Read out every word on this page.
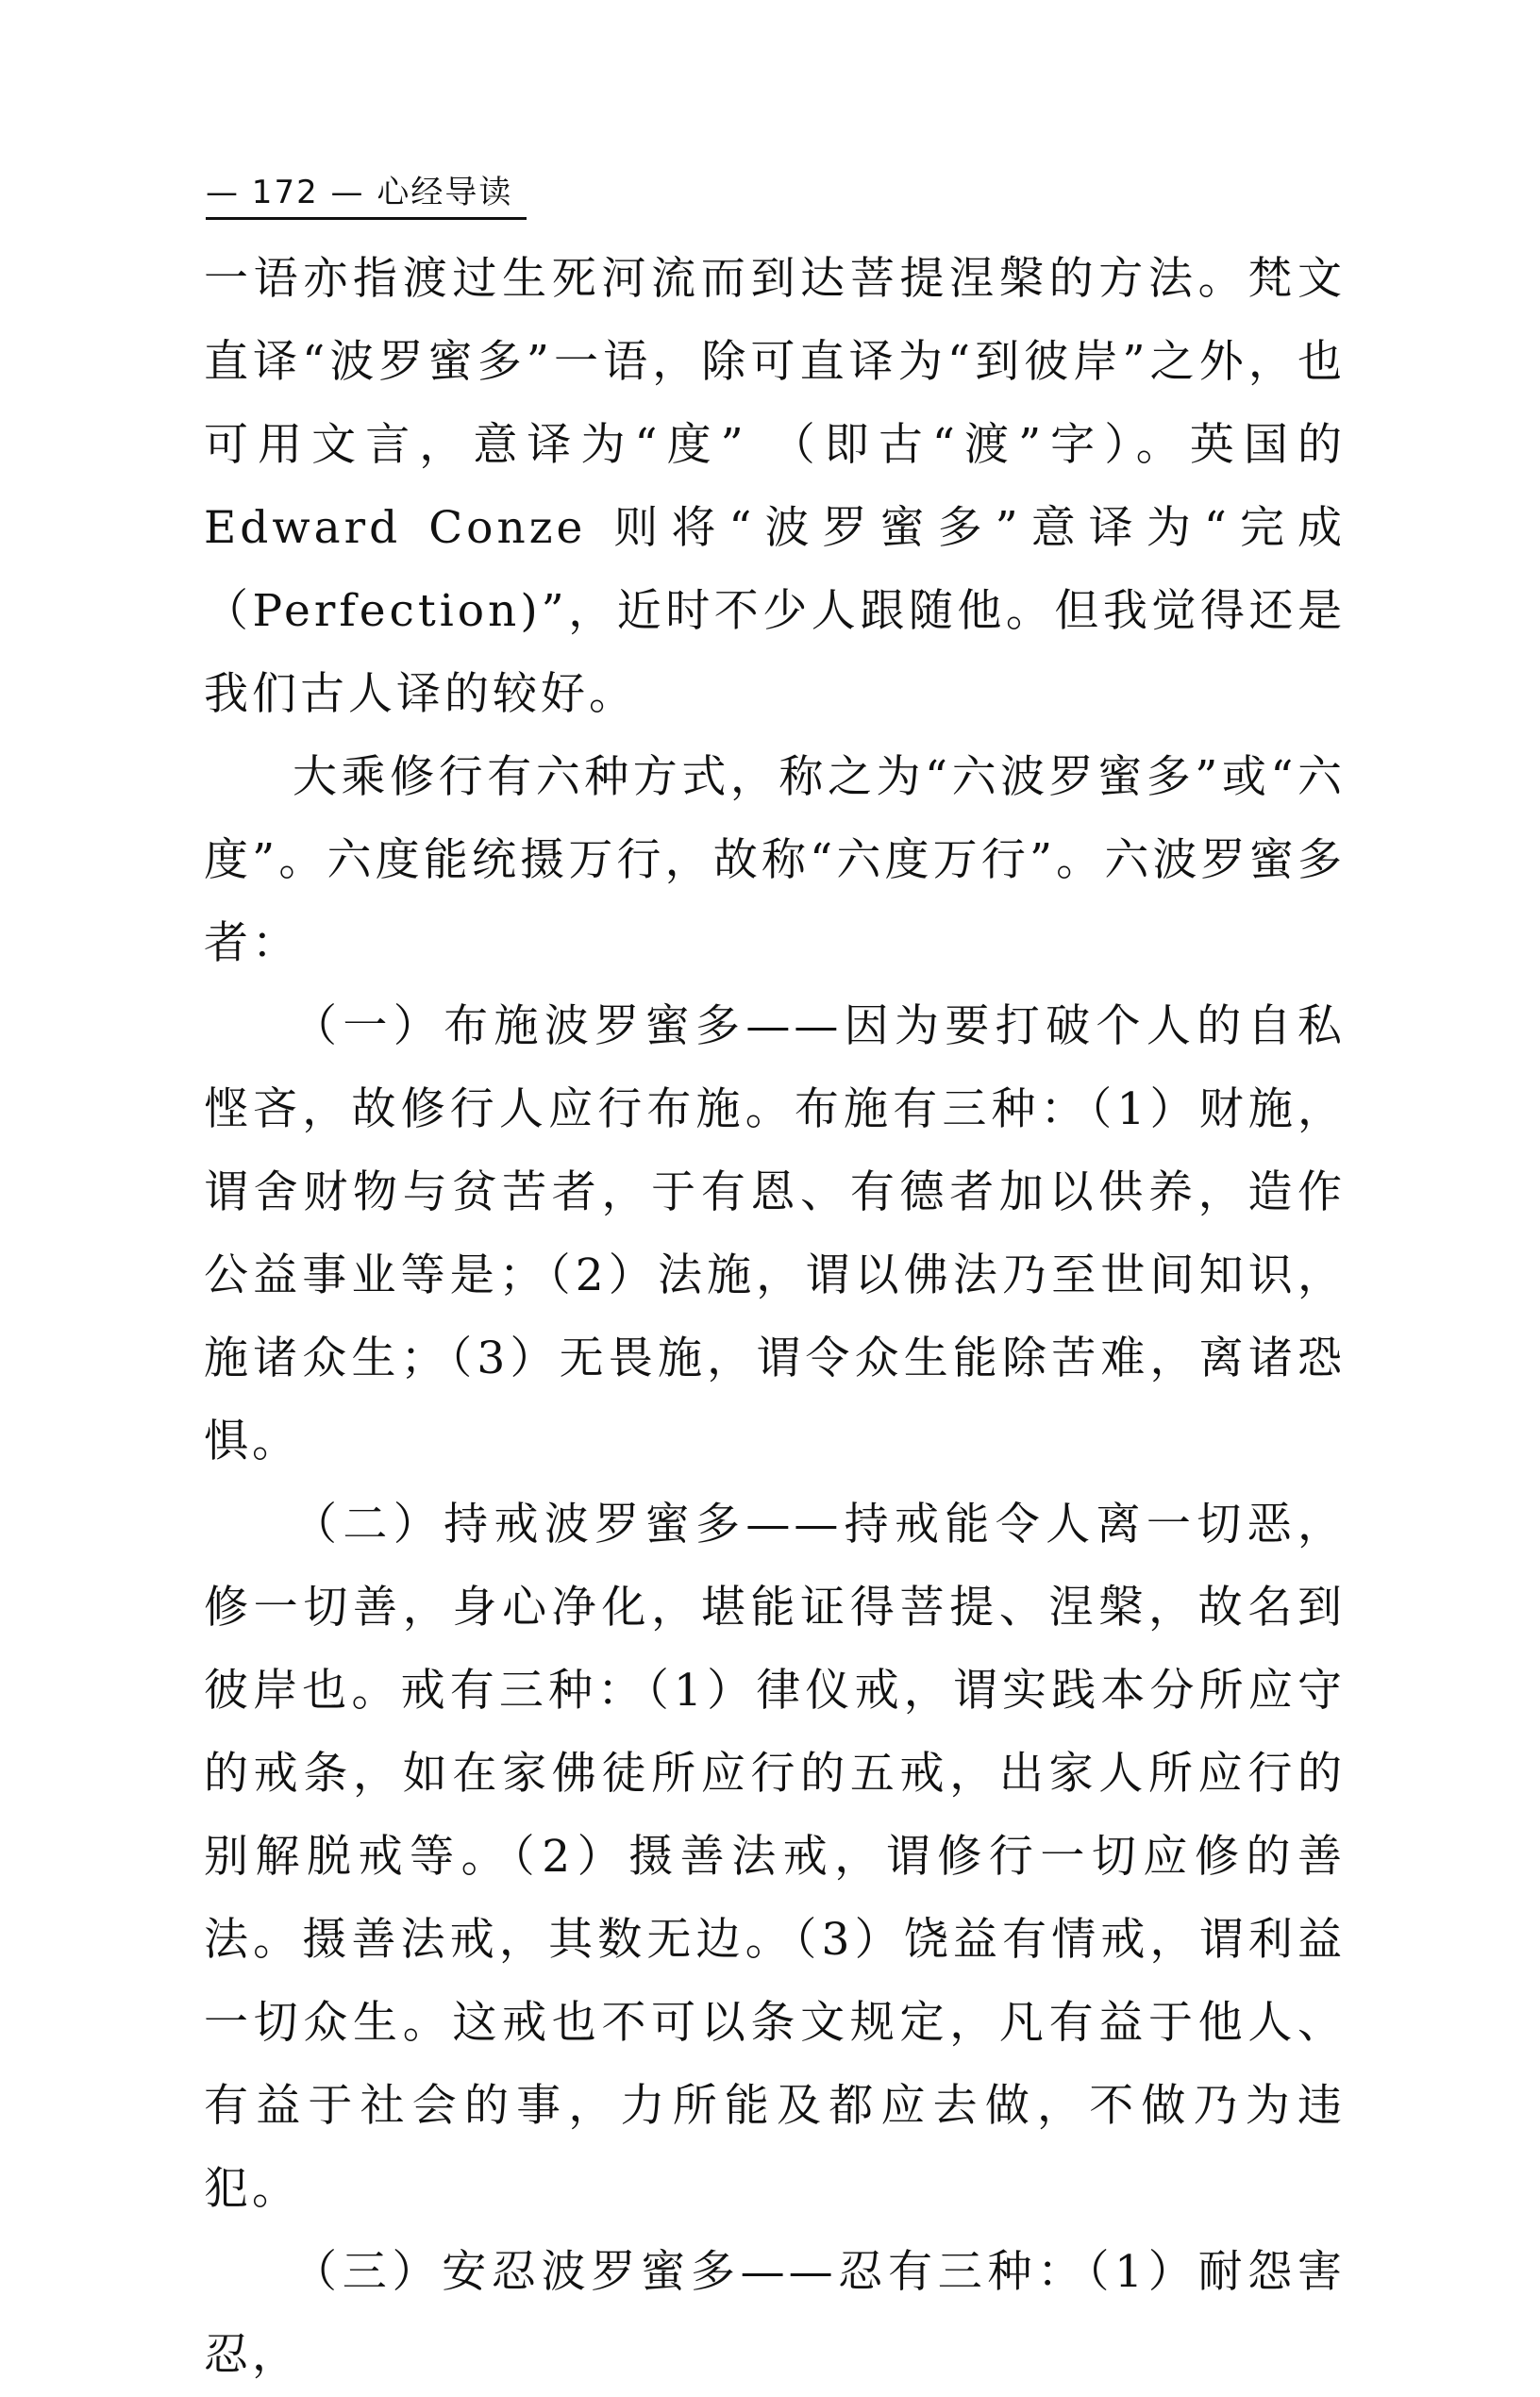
— 172 — 心经导读

一语亦指渡过生死河流而到达菩提涅槃的方法。梵文直译“波罗蜜多”一语，除可直译为“到彼岸”之外，也可用文言，意译为“度” （即古“渡”字）。英国的Edward Conze 则将“波罗蜜多”意译为“完成（Perfection)”，近时不少人跟随他。但我觉得还是我们古人译的较好。

大乘修行有六种方式，称之为“六波罗蜜多”或“六度”。六度能统摄万行，故称“六度万行”。六波罗蜜多者：

（一）布施波罗蜜多——因为要打破个人的自私悭吝，故修行人应行布施。布施有三种：（1）财施，谓舍财物与贫苦者，于有恩、有德者加以供养，造作公益事业等是；（2）法施，谓以佛法乃至世间知识，施诸众生；（3）无畏施，谓令众生能除苦难，离诸恐惧。

（二）持戒波罗蜜多——持戒能令人离一切恶，修一切善，身心净化，堪能证得菩提、涅槃，故名到彼岸也。戒有三种：（1）律仪戒，谓实践本分所应守的戒条，如在家佛徒所应行的五戒，出家人所应行的别解脱戒等。（2）摄善法戒，谓修行一切应修的善法。摄善法戒，其数无边。（3）饶益有情戒，谓利益一切众生。这戒也不可以条文规定，凡有益于他人、有益于社会的事，力所能及都应去做，不做乃为违犯。

（三）安忍波罗蜜多——忍有三种：（1）耐怨害忍，
